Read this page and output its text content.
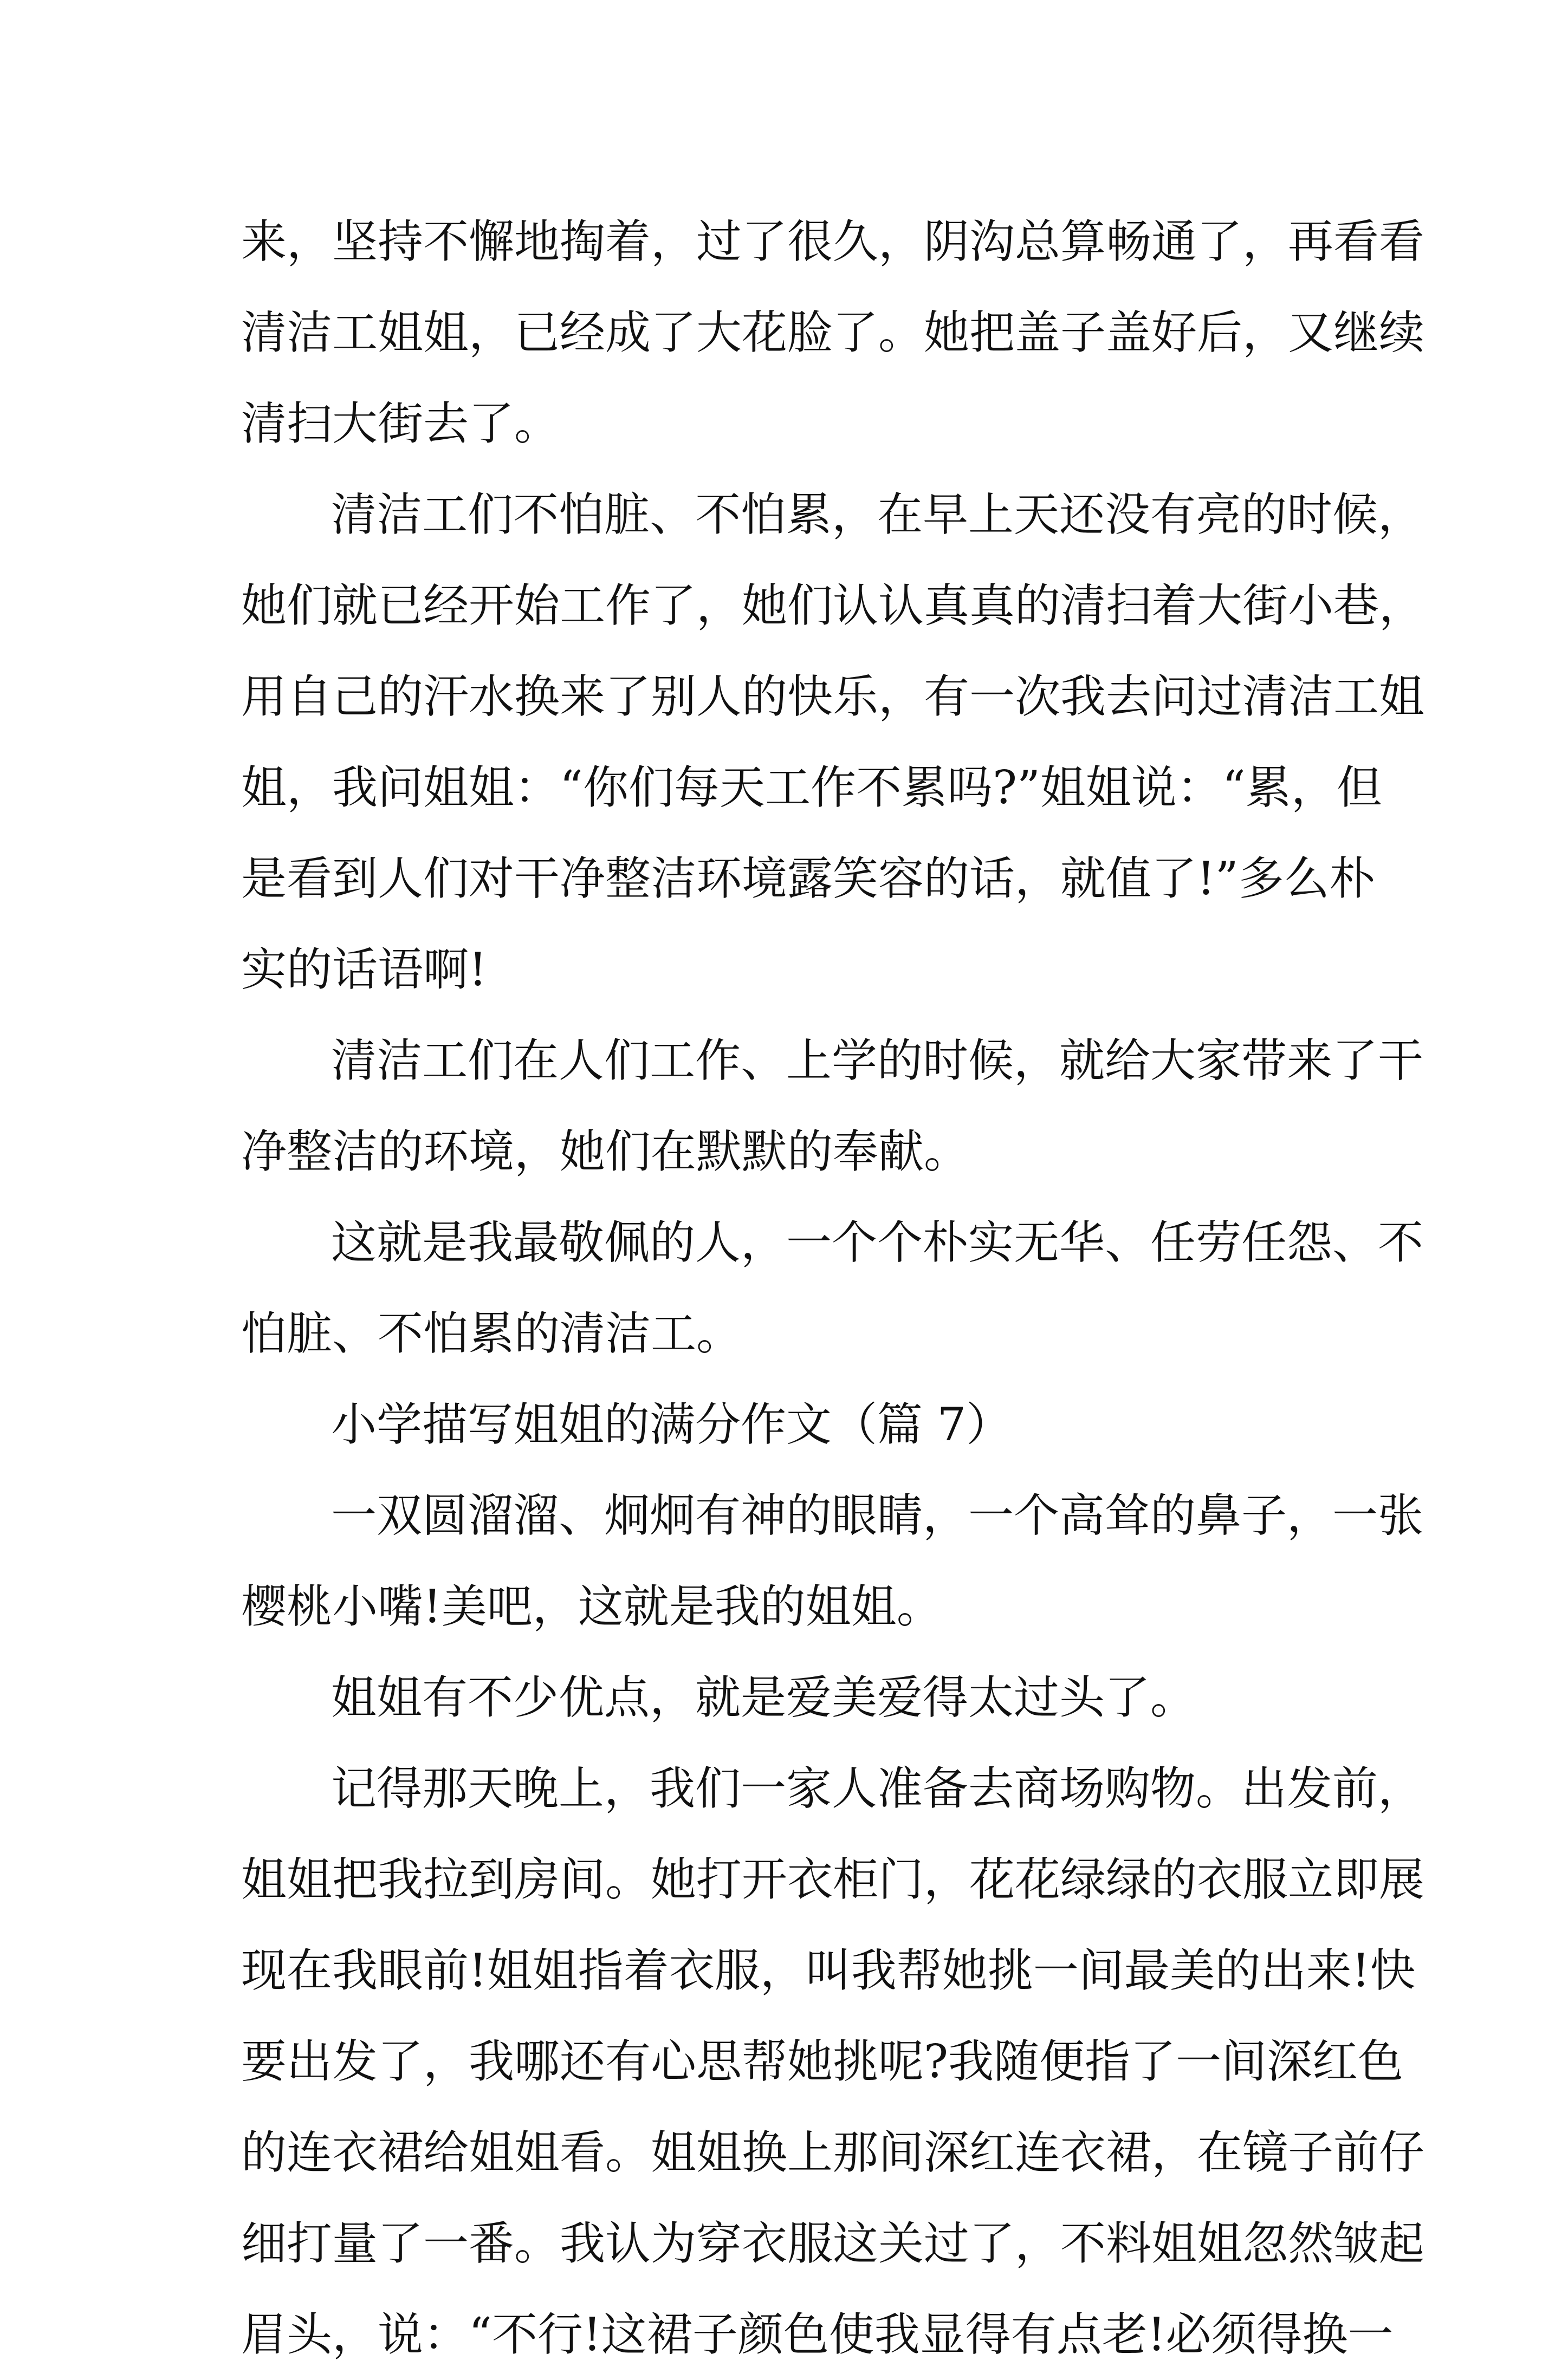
来，坚持不懈地掏着，过了很久，阴沟总算畅通了，再看看
清洁工姐姐，已经成了大花脸了。她把盖子盖好后，又继续
清扫大街去了。
清洁工们不怕脏、不怕累，在早上天还没有亮的时候，
她们就已经开始工作了，她们认认真真的清扫着大街小巷，
用自己的汗水换来了别人的快乐，有一次我去问过清洁工姐
姐，我问姐姐：“你们每天工作不累吗?”姐姐说：“累，但
是看到人们对干净整洁环境露笑容的话，就值了!”多么朴
实的话语啊!
清洁工们在人们工作、上学的时候，就给大家带来了干
净整洁的环境，她们在默默的奉献。
这就是我最敬佩的人，一个个朴实无华、任劳任怨、不
怕脏、不怕累的清洁工。
小学描写姐姐的满分作文（篇 7）
一双圆溜溜、炯炯有神的眼睛，一个高耸的鼻子，一张
樱桃小嘴!美吧，这就是我的姐姐。
姐姐有不少优点，就是爱美爱得太过头了。
记得那天晚上，我们一家人准备去商场购物。出发前，
姐姐把我拉到房间。她打开衣柜门，花花绿绿的衣服立即展
现在我眼前!姐姐指着衣服，叫我帮她挑一间最美的出来!快
要出发了，我哪还有心思帮她挑呢?我随便指了一间深红色
的连衣裙给姐姐看。姐姐换上那间深红连衣裙，在镜子前仔
细打量了一番。我认为穿衣服这关过了，不料姐姐忽然皱起
眉头，说：“不行!这裙子颜色使我显得有点老!必须得换一
